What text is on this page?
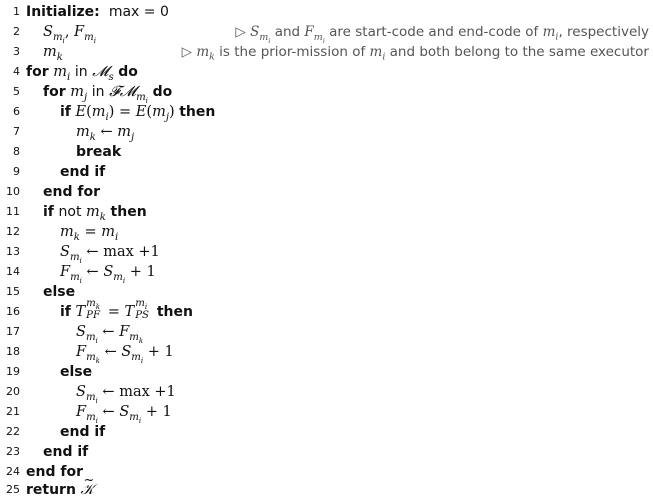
1 Initialize:  max = 0
2 $S_{m_i}$, $F_{m_i}$
▷ $S_{m_i}$ and $F_{m_i}$ are start-code and end-code of $m_i$, respectively
3 $m_k$	▷ $m_k$ is the prior-mission of $m_i$ and both belong to the same executor
4 for $m_i$ in 𝓜$_s$ do
5 for $m_j$ in 𝓕𝓜$_{m_i}$ do
6	if $E(m_i) = E(m_j)$ then
7	$m_k$ ← $m_j$
8	break
9	end if
10 end for
11 if not $m_k$ then
12	$m_k = m_i$
13	$S_{m_i}$ ← max +1
14	$F_{m_i}$ ← $S_{m_i} + 1$
15 else
16	if T
$m_k$
PF = T
$m_i$
PS then
17	$S_{m_i}$ ← $F_{m_k}$
18	$F_{m_k}$ ← $S_{m_i} + 1$
19	else
20	$S_{m_i}$ ← max +1
21	$F_{m_i}$ ← $S_{m_i} + 1$
22	end if
23 end if
24 end for
25 return ~ 𝒦
